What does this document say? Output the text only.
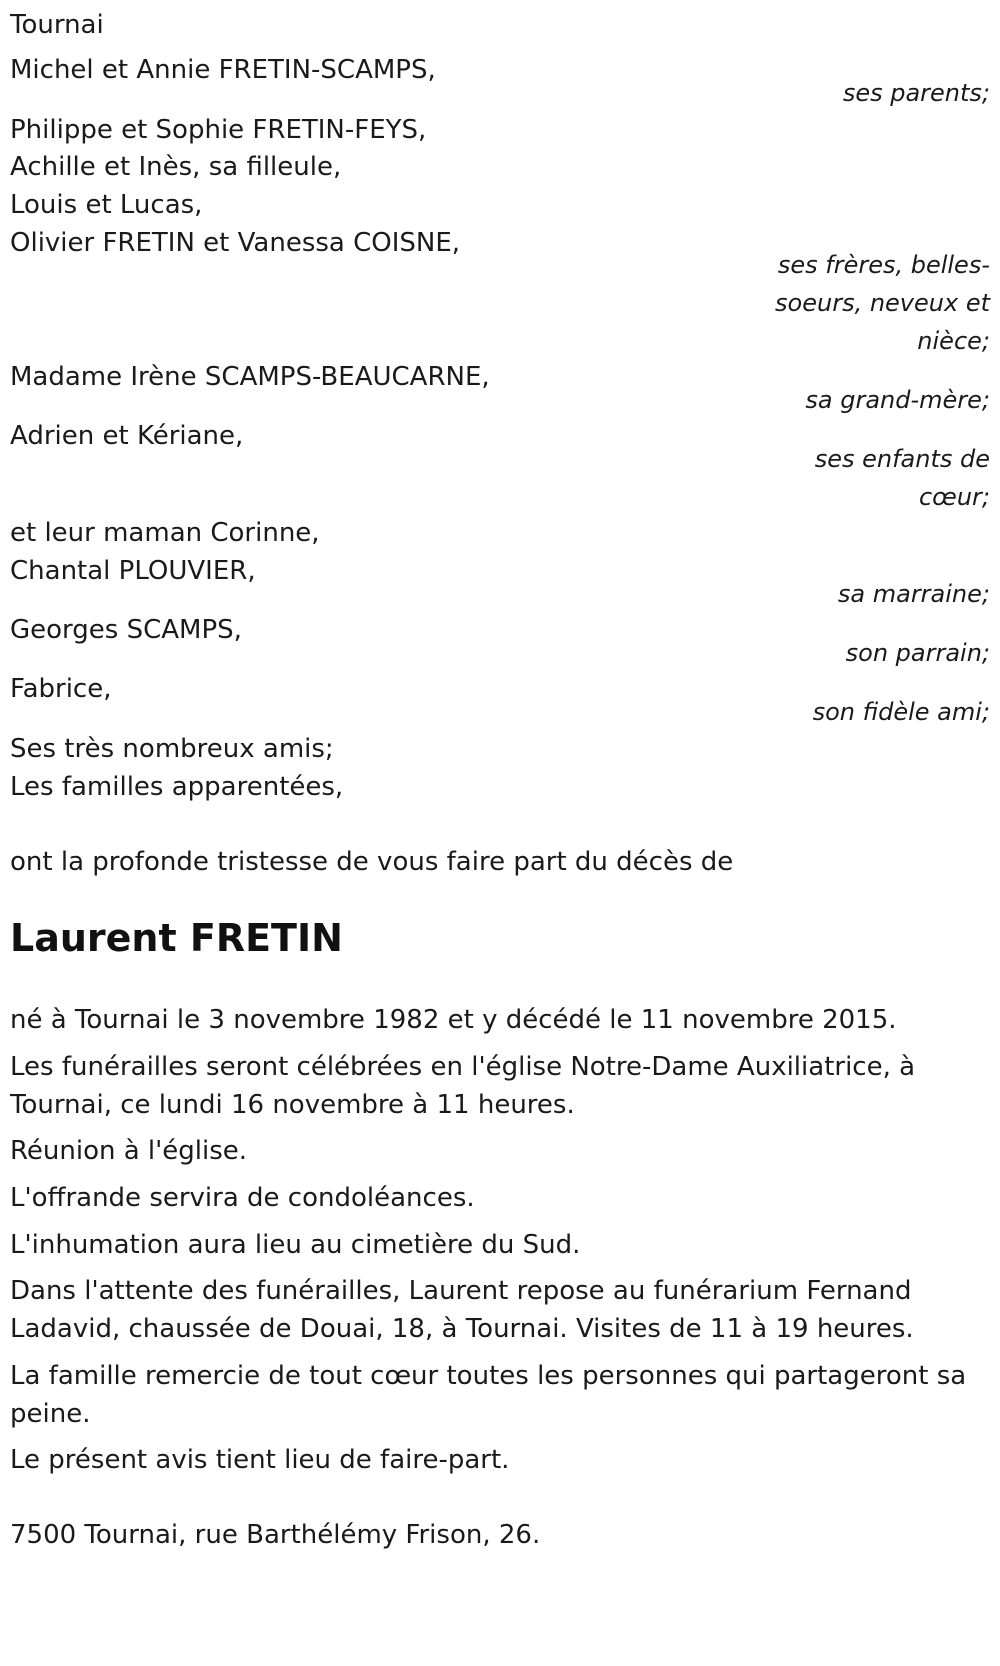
Tournai
Michel et Annie FRETIN-SCAMPS,
ses parents;
Philippe et Sophie FRETIN-FEYS,
Achille et Inès, sa filleule,
Louis et Lucas,
Olivier FRETIN et Vanessa COISNE,
ses frères, belles-
soeurs, neveux et
nièce;
Madame Irène SCAMPS-BEAUCARNE,
sa grand-mère;
Adrien et Kériane,
ses enfants de
cœur;
et leur maman Corinne,
Chantal PLOUVIER,
sa marraine;
Georges SCAMPS,
son parrain;
Fabrice,
son fidèle ami;
Ses très nombreux amis;
Les familles apparentées,
ont la profonde tristesse de vous faire part du décès de
Laurent FRETIN
né à Tournai le 3 novembre 1982 et y décédé le 11 novembre 2015.
Les funérailles seront célébrées en l'église Notre-Dame Auxiliatrice, à Tournai, ce lundi 16 novembre à 11 heures.
Réunion à l'église.
L'offrande servira de condoléances.
L'inhumation aura lieu au cimetière du Sud.
Dans l'attente des funérailles, Laurent repose au funérarium Fernand Ladavid, chaussée de Douai, 18, à Tournai. Visites de 11 à 19 heures.
La famille remercie de tout cœur toutes les personnes qui partageront sa peine.
Le présent avis tient lieu de faire-part.
7500 Tournai, rue Barthélémy Frison, 26.
